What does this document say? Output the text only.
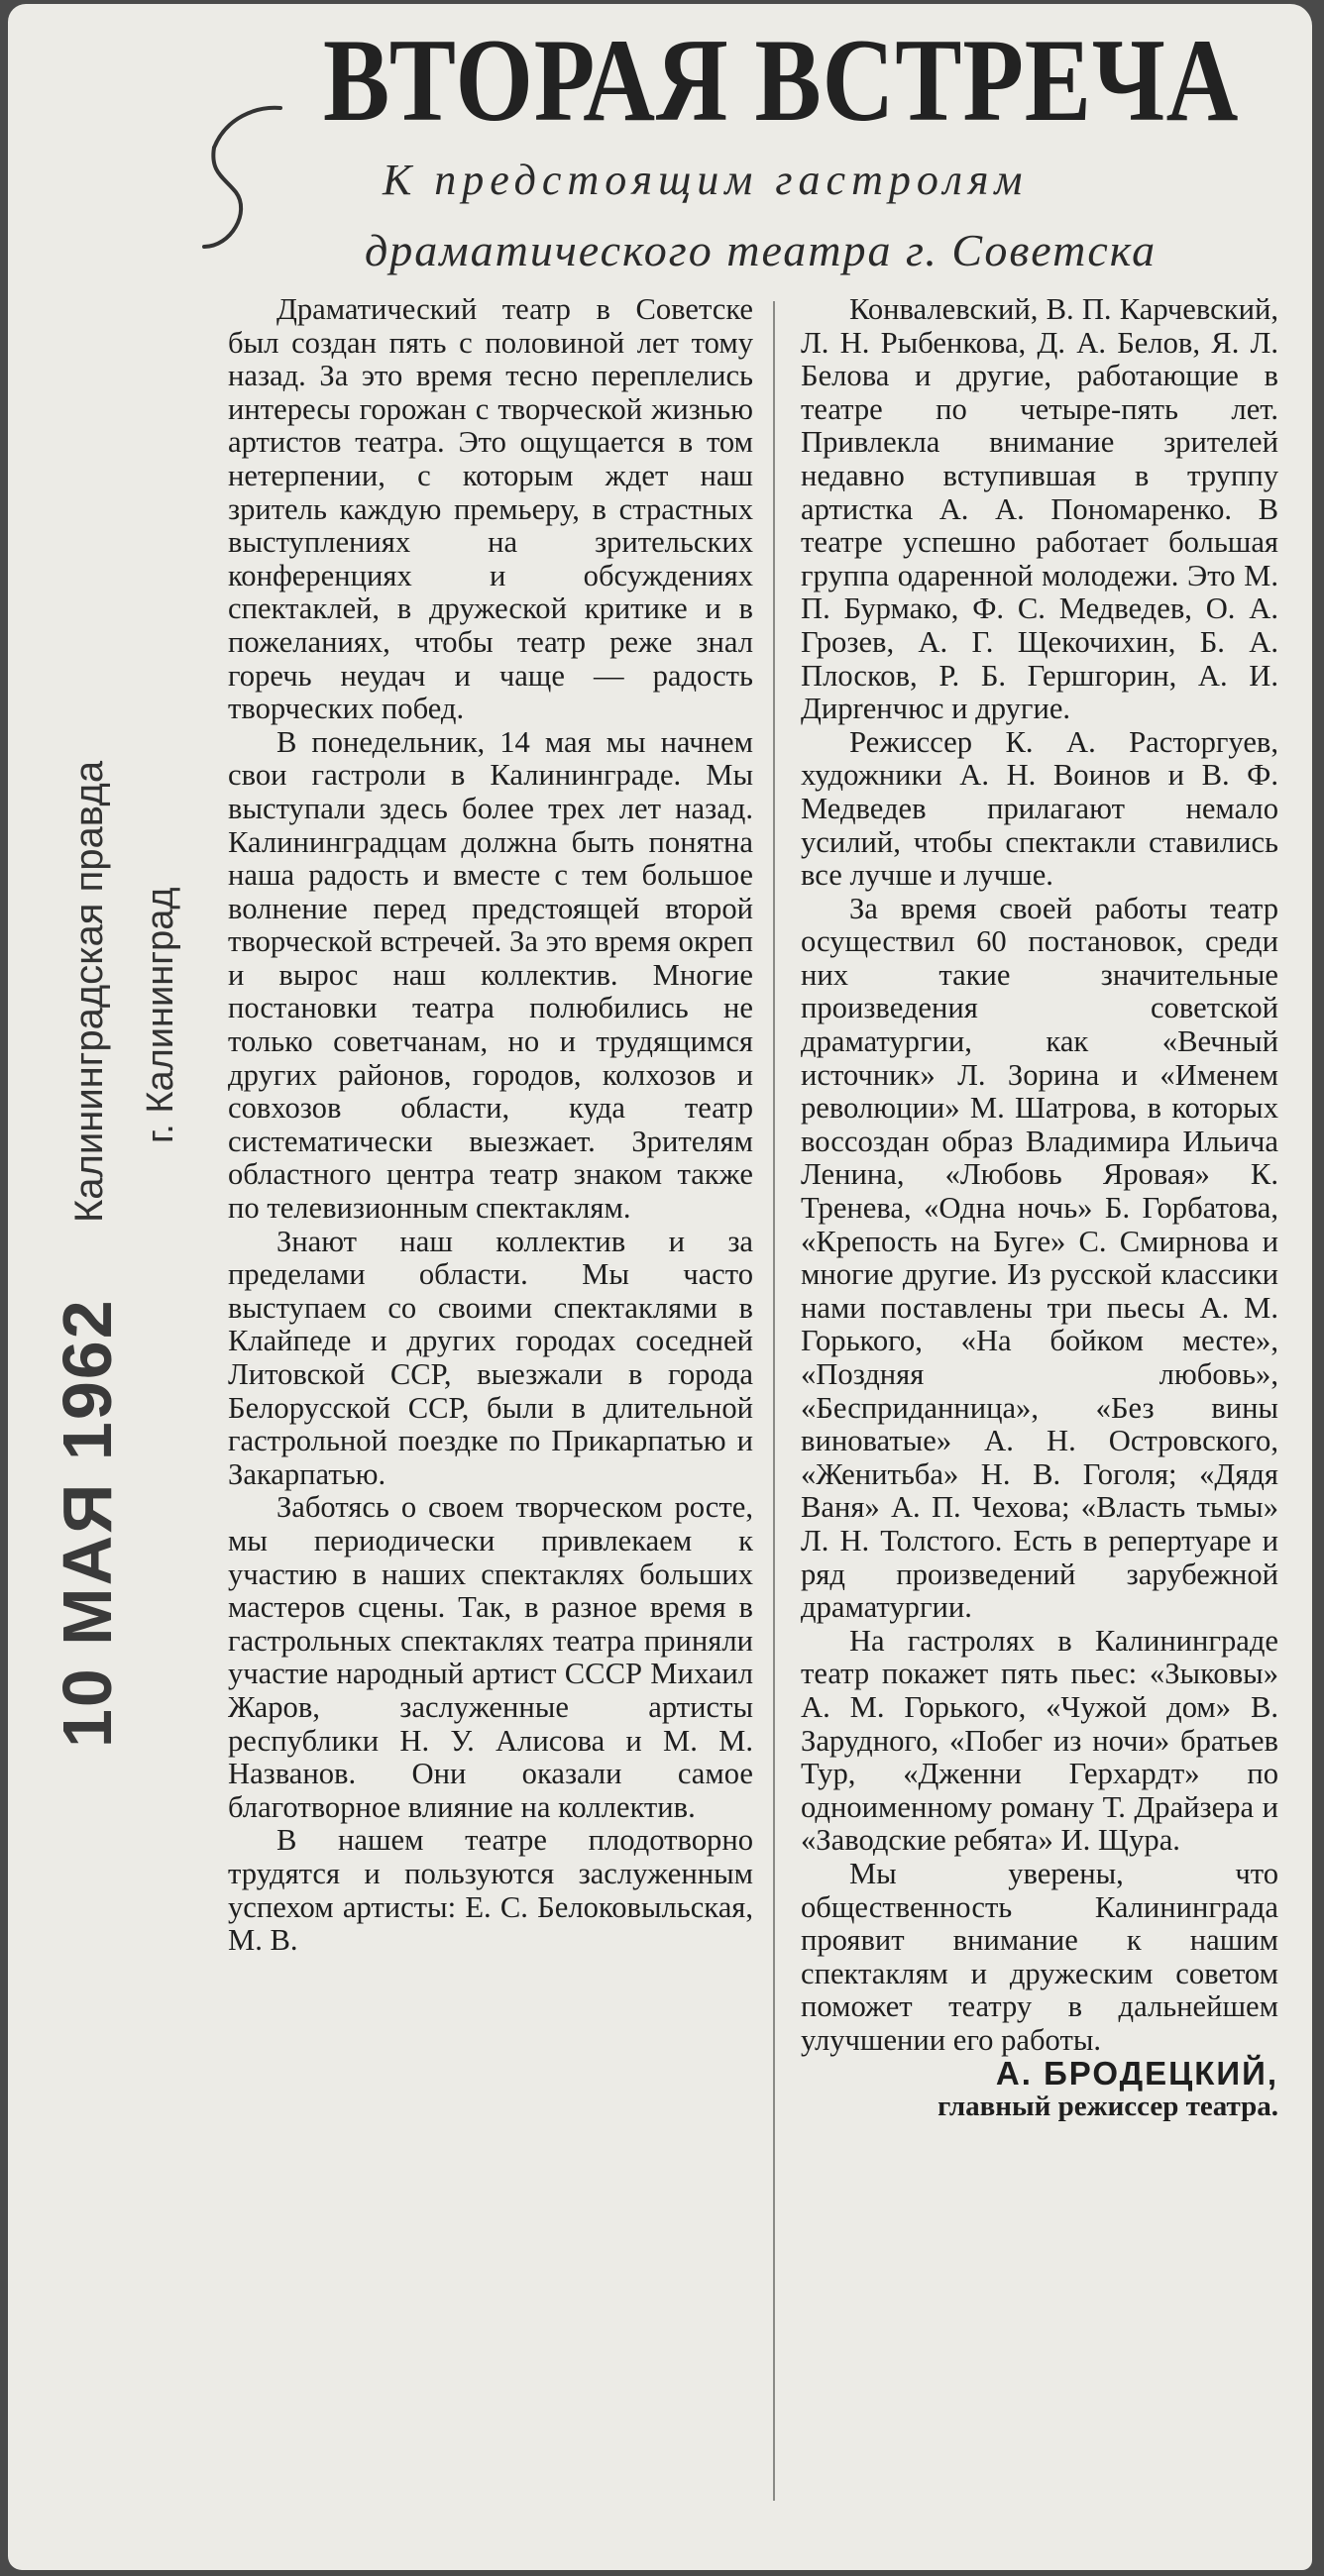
ВТОРАЯ ВСТРЕЧА

К предстоящим гастролям

драматического театра г. Советска

Калининградская правда г. Калининград
10 МАЯ 1962

Драматический театр в Советске был создан пять с половиной лет тому назад. За это время тесно переплелись интересы горожан с творческой жизнью артистов театра. Это ощущается в том нетерпении, с которым ждет наш зритель каждую премьеру, в страстных выступлениях на зрительских конференциях и обсуждениях спектаклей, в дружеской критике и в пожеланиях, чтобы театр реже знал горечь неудач и чаще — радость творческих побед.

В понедельник, 14 мая мы начнем свои гастроли в Калининграде. Мы выступали здесь более трех лет назад. Калининградцам должна быть понятна наша радость и вместе с тем большое волнение перед предстоящей второй творческой встречей. За это время окреп и вырос наш коллектив. Многие постановки театра полюбились не только советчанам, но и трудящимся других районов, городов, колхозов и совхозов области, куда театр систематически выезжает. Зрителям областного центра театр знаком также по телевизионным спектаклям.

Знают наш коллектив и за пределами области. Мы часто выступаем со своими спектаклями в Клайпеде и других городах соседней Литовской ССР, выезжали в города Белорусской ССР, были в длительной гастрольной поездке по Прикарпатью и Закарпатью.

Заботясь о своем творческом росте, мы периодически привлекаем к участию в наших спектаклях больших мастеров сцены. Так, в разное время в гастрольных спектаклях театра приняли участие народный артист СССР Михаил Жаров, заслуженные артисты республики Н. У. Алисова и М. М. Названов. Они оказали самое благотворное влияние на коллектив.

В нашем театре плодотворно трудятся и пользуются заслуженным успехом артисты: Е. С. Белоковыльская, М. В.

Конвалевский, В. П. Карчевский, Л. Н. Рыбенкова, Д. А. Белов, Я. Л. Белова и другие, работающие в театре по четыре-пять лет. Привлекла внимание зрителей недавно вступившая в труппу артистка А. А. Пономаренко. В театре успешно работает большая группа одаренной молодежи. Это М. П. Бурмако, Ф. С. Медведев, О. А. Грозев, А. Г. Щекочихин, Б. А. Плосков, Р. Б. Гершгорин, А. И. Дирrенчюс и другие.

Режиссер К. А. Расторгуев, художники А. Н. Воинов и В. Ф. Медведев прилагают немало усилий, чтобы спектакли ставились все лучше и лучше.

За время своей работы театр осуществил 60 постановок, среди них такие значительные произведения советской драматургии, как «Вечный источник» Л. Зорина и «Именем революции» М. Шатрова, в которых воссоздан образ Владимира Ильича Ленина, «Любовь Яровая» К. Тренева, «Одна ночь» Б. Горбатова, «Крепость на Буге» С. Смирнова и многие другие. Из русской классики нами поставлены три пьесы А. М. Горького, «На бойком месте», «Поздняя любовь», «Бесприданница», «Без вины виноватые» А. Н. Островского, «Женитьба» Н. В. Гоголя; «Дядя Ваня» А. П. Чехова; «Власть тьмы» Л. Н. Толстого. Есть в репертуаре и ряд произведений зарубежной драматургии.

На гастролях в Калининграде театр покажет пять пьес: «Зыковы» А. М. Горького, «Чужой дом» В. Зарудного, «Побег из ночи» братьев Тур, «Дженни Герхардт» по одноименному роману Т. Драйзера и «Заводские ребята» И. Щура.

Мы уверены, что общественность Калининграда проявит внимание к нашим спектаклям и дружеским советом поможет театру в дальнейшем улучшении его работы.

А. БРОДЕЦКИЙ,

главный режиссер театра.
